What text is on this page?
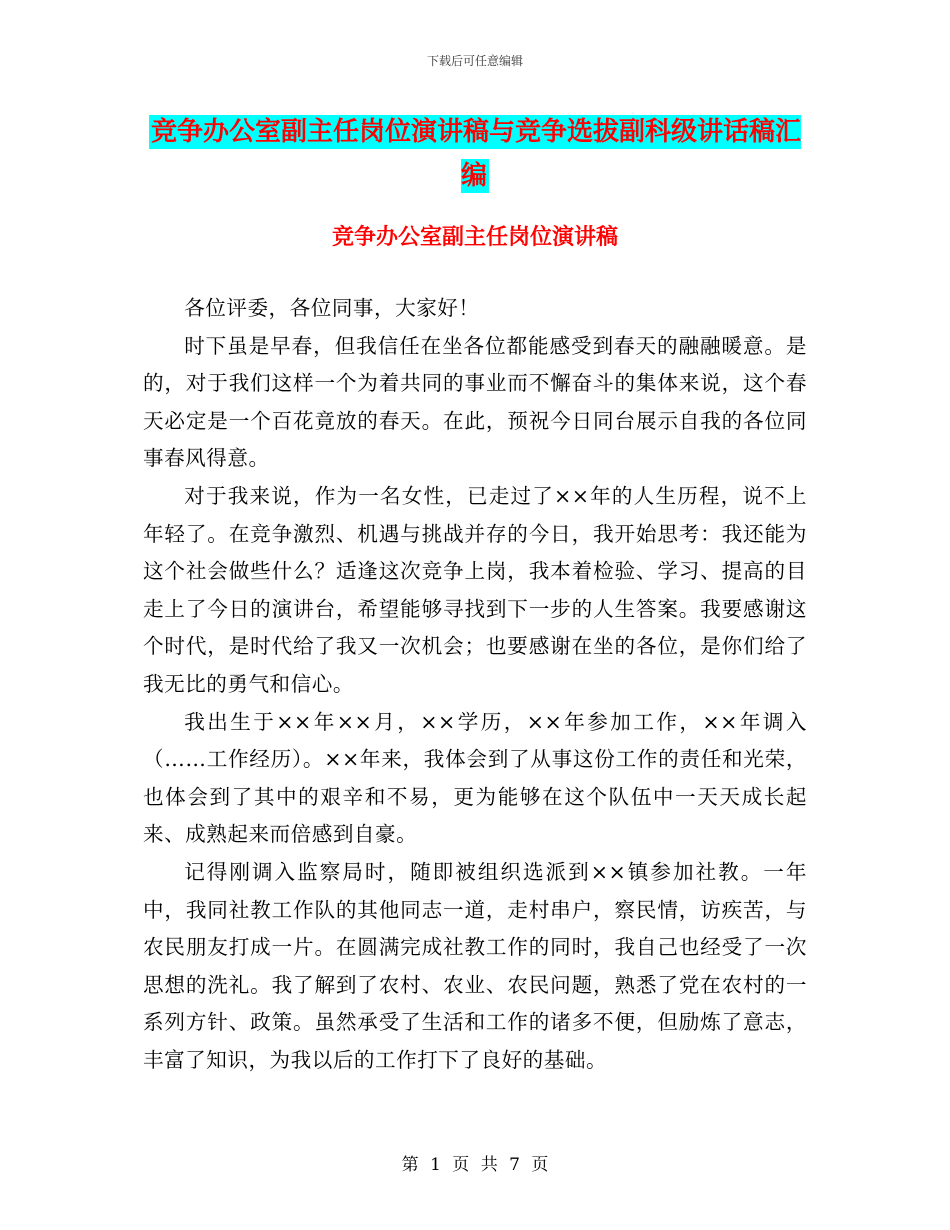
下载后可任意编辑
竞争办公室副主任岗位演讲稿与竞争选拔副科级讲话稿汇编
竞争办公室副主任岗位演讲稿

各位评委，各位同事，大家好！

时下虽是早春，但我信任在坐各位都能感受到春天的融融暖意。是的，对于我们这样一个为着共同的事业而不懈奋斗的集体来说，这个春天必定是一个百花竟放的春天。在此，预祝今日同台展示自我的各位同事春风得意。

对于我来说，作为一名女性，已走过了××年的人生历程，说不上年轻了。在竞争激烈、机遇与挑战并存的今日，我开始思考：我还能为这个社会做些什么？适逢这次竞争上岗，我本着检验、学习、提高的目走上了今日的演讲台，希望能够寻找到下一步的人生答案。我要感谢这个时代，是时代给了我又一次机会；也要感谢在坐的各位，是你们给了我无比的勇气和信心。

我出生于××年××月，××学历，××年参加工作，××年调入（……工作经历）。××年来，我体会到了从事这份工作的责任和光荣，也体会到了其中的艰辛和不易，更为能够在这个队伍中一天天成长起来、成熟起来而倍感到自豪。

记得刚调入监察局时，随即被组织选派到××镇参加社教。一年中，我同社教工作队的其他同志一道，走村串户，察民情，访疾苦，与农民朋友打成一片。在圆满完成社教工作的同时，我自己也经受了一次思想的洗礼。我了解到了农村、农业、农民问题，熟悉了党在农村的一系列方针、政策。虽然承受了生活和工作的诸多不便，但励炼了意志，丰富了知识，为我以后的工作打下了良好的基础。

第 1 页 共 7 页
